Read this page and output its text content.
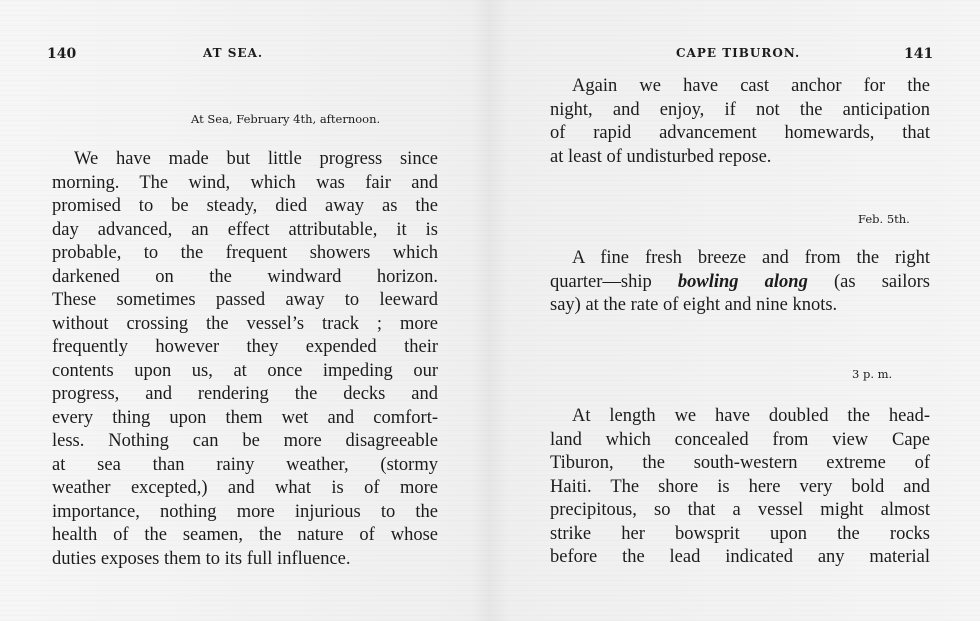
140	AT SEA.
At Sea, February 4th, afternoon.
We have made but little progress since
morning. The wind, which was fair and
promised to be steady, died away as the
day advanced, an effect attributable, it is
probable, to the frequent showers which
darkened on the windward horizon.
These sometimes passed away to leeward
without crossing the vessel’s track ; more
frequently however they expended their
contents upon us, at once impeding our
progress, and rendering the decks and
every thing upon them wet and comfort-
less. Nothing can be more disagreeable
at sea than rainy weather, (stormy
weather excepted,) and what is of more
importance, nothing more injurious to the
health of the seamen, the nature of whose
duties exposes them to its full influence.
CAPE TIBURON.	141
Again we have cast anchor for the
night, and enjoy, if not the anticipation
of rapid advancement homewards, that
at least of undisturbed repose.
Feb. 5th.
A fine fresh breeze and from the right
quarter—ship bowling along (as sailors
say) at the rate of eight and nine knots.
3 p. m.
At length we have doubled the head-
land which concealed from view Cape
Tiburon, the south-western extreme of
Haiti. The shore is here very bold and
precipitous, so that a vessel might almost
strike her bowsprit upon the rocks
before the lead indicated any material
